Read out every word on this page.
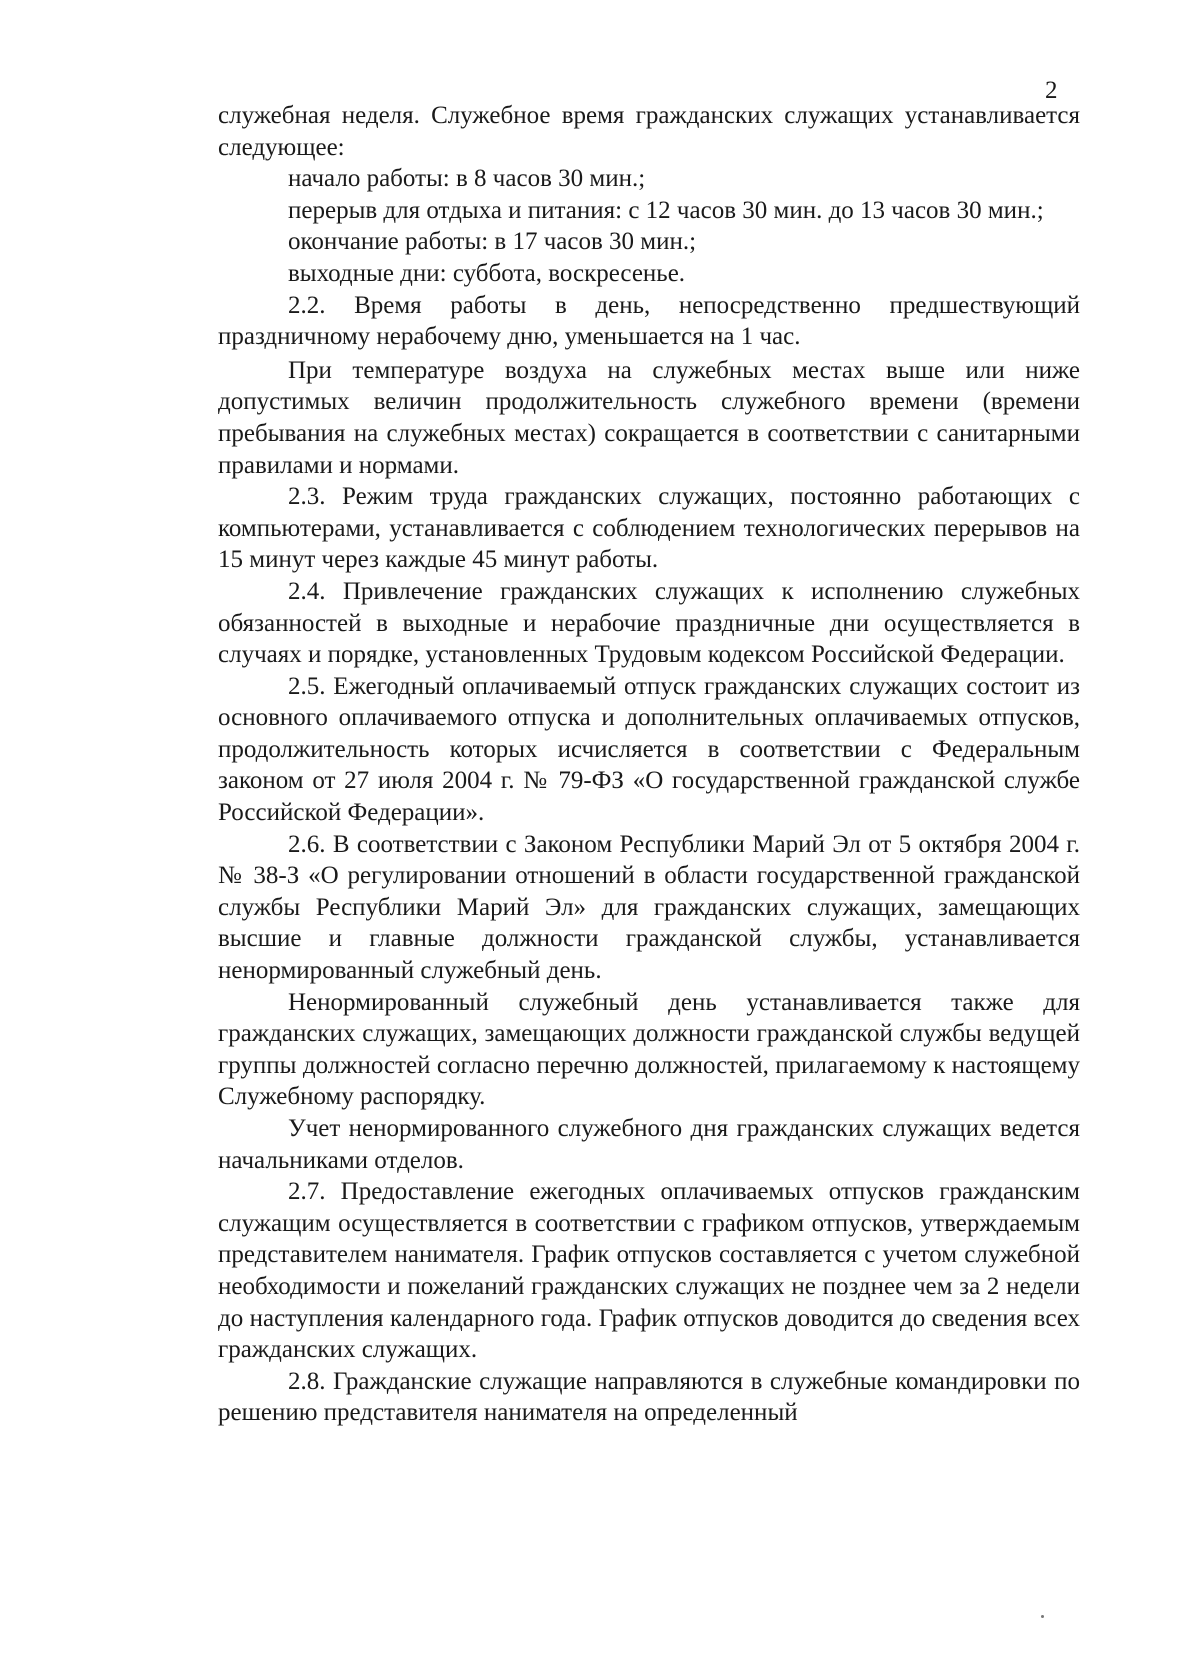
2

служебная неделя. Служебное время гражданских служащих устанавливается следующее:

начало работы: в 8 часов 30 мин.;

перерыв для отдыха и питания: с 12 часов 30 мин. до 13 часов 30 мин.;

окончание работы: в 17 часов 30 мин.;

выходные дни: суббота, воскресенье.

2.2. Время работы в день, непосредственно предшествующий праздничному нерабочему дню, уменьшается на 1 час.

При температуре воздуха на служебных местах выше или ниже допустимых величин продолжительность служебного времени (времени пребывания на служебных местах) сокращается в соответствии с санитарными правилами и нормами.

2.3. Режим труда гражданских служащих, постоянно работающих с компьютерами, устанавливается с соблюдением технологических перерывов на 15 минут через каждые 45 минут работы.

2.4. Привлечение гражданских служащих к исполнению служебных обязанностей в выходные и нерабочие праздничные дни осуществляется в случаях и порядке, установленных Трудовым кодексом Российской Федерации.

2.5. Ежегодный оплачиваемый отпуск гражданских служащих состоит из основного оплачиваемого отпуска и дополнительных оплачиваемых отпусков, продолжительность которых исчисляется в соответствии с Федеральным законом от 27 июля 2004 г. № 79-ФЗ «О государственной гражданской службе Российской Федерации».

2.6. В соответствии с Законом Республики Марий Эл от 5 октября 2004 г. № 38-З «О регулировании отношений в области государственной гражданской службы Республики Марий Эл» для гражданских служащих, замещающих высшие и главные должности гражданской службы, устанавливается ненормированный служебный день.

Ненормированный служебный день устанавливается также для гражданских служащих, замещающих должности гражданской службы ведущей группы должностей согласно перечню должностей, прилагаемому к настоящему Служебному распорядку.

Учет ненормированного служебного дня гражданских служащих ведется начальниками отделов.

2.7. Предоставление ежегодных оплачиваемых отпусков гражданским служащим осуществляется в соответствии с графиком отпусков, утверждаемым представителем нанимателя. График отпусков составляется с учетом служебной необходимости и пожеланий гражданских служащих не позднее чем за 2 недели до наступления календарного года. График отпусков доводится до сведения всех гражданских служащих.

2.8. Гражданские служащие направляются в служебные командировки по решению представителя нанимателя на определенный
